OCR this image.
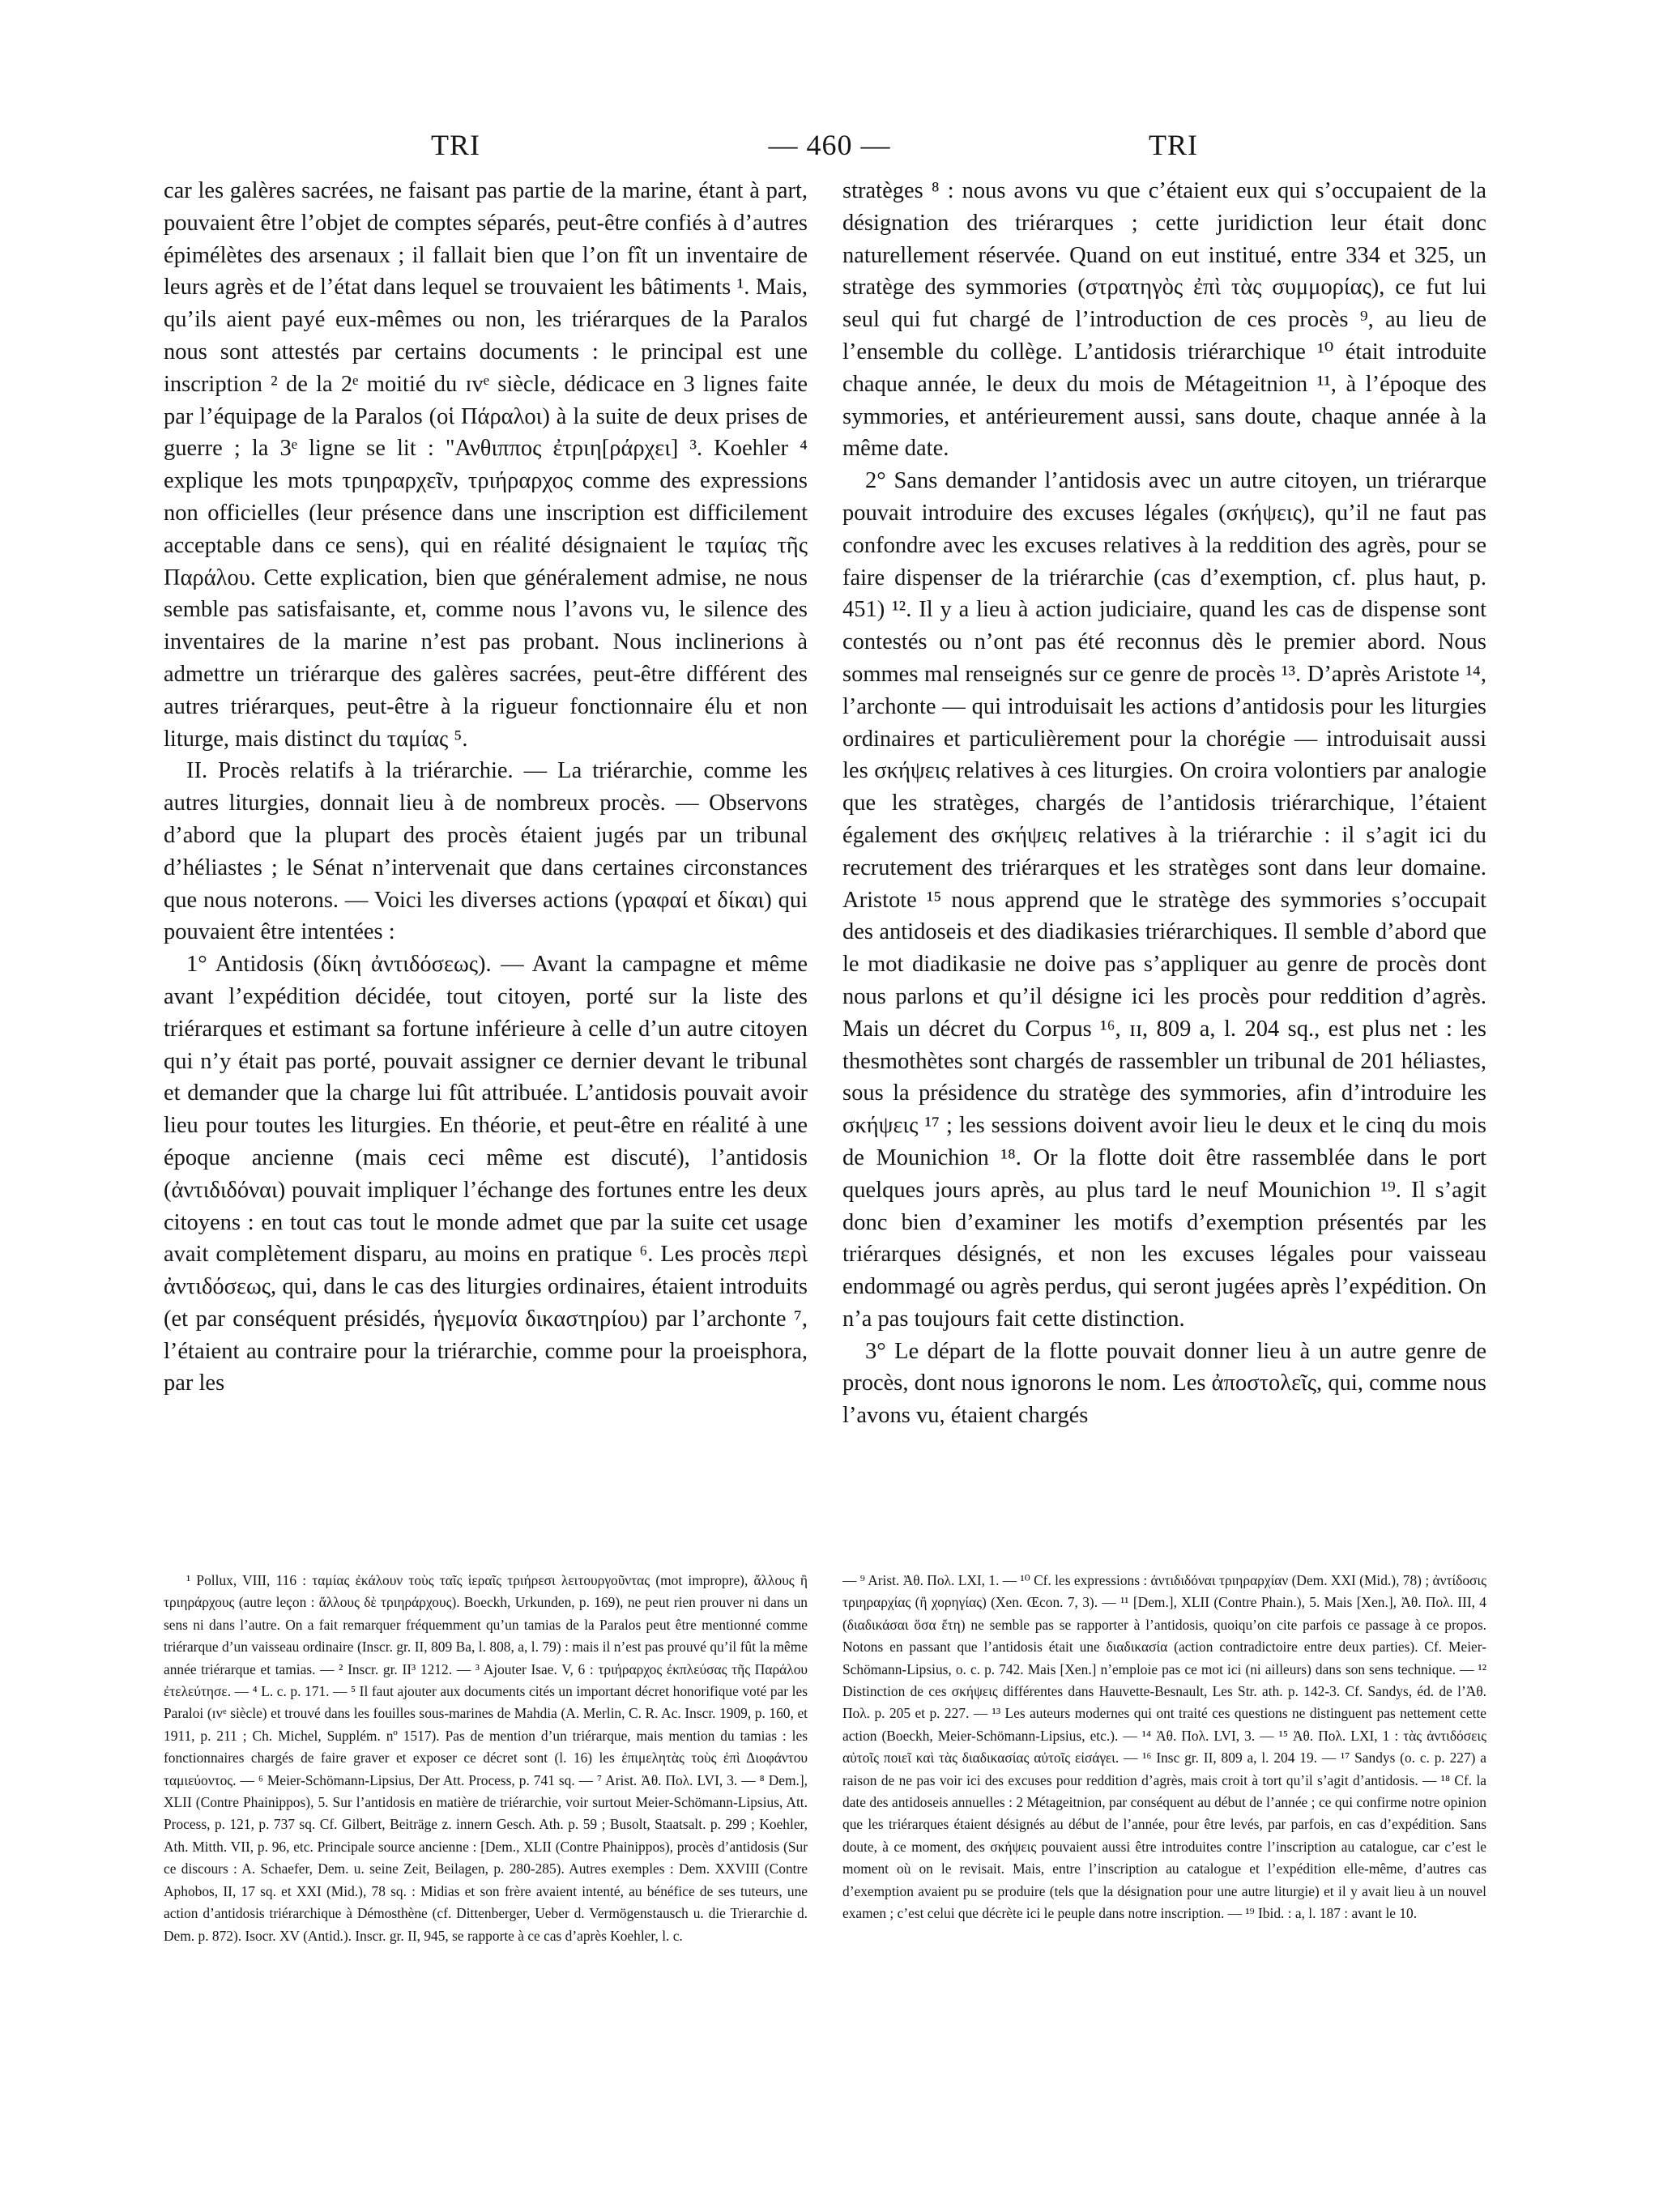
TRI	— 460 —	TRI

car les galères sacrées, ne faisant pas partie de la marine, étant à part, pouvaient être l’objet de comptes séparés, peut-être confiés à d’autres épimélètes des arsenaux ; il fallait bien que l’on fît un inventaire de leurs agrès et de l’état dans lequel se trouvaient les bâtiments ¹. Mais, qu’ils aient payé eux-mêmes ou non, les triérarques de la Paralos nous sont attestés par certains documents : le principal est une inscription ² de la 2ᵉ moitié du ɪᴠᵉ siècle, dédicace en 3 lignes faite par l’équipage de la Paralos (οἱ Πάραλοι) à la suite de deux prises de guerre ; la 3ᵉ ligne se lit : "Ανθιππος ἐτριη[ράρχει] ³. Koehler ⁴ explique les mots τριηραρχεῖν, τριήραρχος comme des expressions non officielles (leur présence dans une inscription est difficilement acceptable dans ce sens), qui en réalité désignaient le ταμίας τῆς Παράλου. Cette explication, bien que généralement admise, ne nous semble pas satisfaisante, et, comme nous l’avons vu, le silence des inventaires de la marine n’est pas probant. Nous inclinerions à admettre un triérarque des galères sacrées, peut-être différent des autres triérarques, peut-être à la rigueur fonctionnaire élu et non liturge, mais distinct du ταμίας ⁵.

II. Procès relatifs à la triérarchie. — La triérarchie, comme les autres liturgies, donnait lieu à de nombreux procès. — Observons d’abord que la plupart des procès étaient jugés par un tribunal d’héliastes ; le Sénat n’intervenait que dans certaines circonstances que nous noterons. — Voici les diverses actions (γραφαί et δίκαι) qui pouvaient être intentées :

1° Antidosis (δίκη ἀντιδόσεως). — Avant la campagne et même avant l’expédition décidée, tout citoyen, porté sur la liste des triérarques et estimant sa fortune inférieure à celle d’un autre citoyen qui n’y était pas porté, pouvait assigner ce dernier devant le tribunal et demander que la charge lui fût attribuée. L’antidosis pouvait avoir lieu pour toutes les liturgies. En théorie, et peut-être en réalité à une époque ancienne (mais ceci même est discuté), l’antidosis (ἀντιδιδόναι) pouvait impliquer l’échange des fortunes entre les deux citoyens : en tout cas tout le monde admet que par la suite cet usage avait complètement disparu, au moins en pratique ⁶. Les procès περὶ ἀντιδόσεως, qui, dans le cas des liturgies ordinaires, étaient introduits (et par conséquent présidés, ἡγεμονία δικαστηρίου) par l’archonte ⁷, l’étaient au contraire pour la triérarchie, comme pour la proeisphora, par les

stratèges ⁸ : nous avons vu que c’étaient eux qui s’occupaient de la désignation des triérarques ; cette juridiction leur était donc naturellement réservée. Quand on eut institué, entre 334 et 325, un stratège des symmories (στρατηγὸς ἐπὶ τὰς συμμορίας), ce fut lui seul qui fut chargé de l’introduction de ces procès ⁹, au lieu de l’ensemble du collège. L’antidosis triérarchique ¹⁰ était introduite chaque année, le deux du mois de Métageitnion ¹¹, à l’époque des symmories, et antérieurement aussi, sans doute, chaque année à la même date.

2° Sans demander l’antidosis avec un autre citoyen, un triérarque pouvait introduire des excuses légales (σκήψεις), qu’il ne faut pas confondre avec les excuses relatives à la reddition des agrès, pour se faire dispenser de la triérarchie (cas d’exemption, cf. plus haut, p. 451) ¹². Il y a lieu à action judiciaire, quand les cas de dispense sont contestés ou n’ont pas été reconnus dès le premier abord. Nous sommes mal renseignés sur ce genre de procès ¹³. D’après Aristote ¹⁴, l’archonte — qui introduisait les actions d’antidosis pour les liturgies ordinaires et particulièrement pour la chorégie — introduisait aussi les σκήψεις relatives à ces liturgies. On croira volontiers par analogie que les stratèges, chargés de l’antidosis triérarchique, l’étaient également des σκήψεις relatives à la triérarchie : il s’agit ici du recrutement des triérarques et les stratèges sont dans leur domaine. Aristote ¹⁵ nous apprend que le stratège des symmories s’occupait des antidoseis et des diadikasies triérarchiques. Il semble d’abord que le mot diadikasie ne doive pas s’appliquer au genre de procès dont nous parlons et qu’il désigne ici les procès pour reddition d’agrès. Mais un décret du Corpus ¹⁶, ɪɪ, 809 a, l. 204 sq., est plus net : les thesmothètes sont chargés de rassembler un tribunal de 201 héliastes, sous la présidence du stratège des symmories, afin d’introduire les σκήψεις ¹⁷ ; les sessions doivent avoir lieu le deux et le cinq du mois de Mounichion ¹⁸. Or la flotte doit être rassemblée dans le port quelques jours après, au plus tard le neuf Mounichion ¹⁹. Il s’agit donc bien d’examiner les motifs d’exemption présentés par les triérarques désignés, et non les excuses légales pour vaisseau endommagé ou agrès perdus, qui seront jugées après l’expédition. On n’a pas toujours fait cette distinction.

3° Le départ de la flotte pouvait donner lieu à un autre genre de procès, dont nous ignorons le nom. Les ἀποστολεῖς, qui, comme nous l’avons vu, étaient chargés

¹ Pollux, VIII, 116 : ταμίας ἐκάλουν τοὺς ταῖς ἱεραῖς τριήρεσι λειτουργοῦντας (mot impropre), ἄλλους ἢ τριηράρχους (autre leçon : ἄλλους δὲ τριηράρχους). Boeckh, Urkunden, p. 169), ne peut rien prouver ni dans un sens ni dans l’autre. On a fait remarquer fréquemment qu’un tamias de la Paralos peut être mentionné comme triérarque d’un vaisseau ordinaire (Inscr. gr. II, 809 Ba, l. 808, a, l. 79) : mais il n’est pas prouvé qu’il fût la même année triérarque et tamias. — ² Inscr. gr. II³ 1212. — ³ Ajouter Isae. V, 6 : τριήραρχος ἐκπλεύσας τῆς Παράλου ἐτελεύτησε. — ⁴ L. c. p. 171. — ⁵ Il faut ajouter aux documents cités un important décret honorifique voté par les Paraloi (ɪᴠᵉ siècle) et trouvé dans les fouilles sous-marines de Mahdia (A. Merlin, C. R. Ac. Inscr. 1909, p. 160, et 1911, p. 211 ; Ch. Michel, Supplém. nº 1517). Pas de mention d’un triérarque, mais mention du tamias : les fonctionnaires chargés de faire graver et exposer ce décret sont (l. 16) les ἐπιμελητὰς τοὺς ἐπὶ Διοφάντου ταμιεύοντος. — ⁶ Meier-Schömann-Lipsius, Der Att. Process, p. 741 sq. — ⁷ Arist. Ἀθ. Πολ. LVI, 3. — ⁸ Dem.], XLII (Contre Phainippos), 5. Sur l’antidosis en matière de triérarchie, voir surtout Meier-Schömann-Lipsius, Att. Process, p. 121, p. 737 sq. Cf. Gilbert, Beiträge z. innern Gesch. Ath. p. 59 ; Busolt, Staatsalt. p. 299 ; Koehler, Ath. Mitth. VII, p. 96, etc. Principale source ancienne : [Dem., XLII (Contre Phainippos), procès d’antidosis (Sur ce discours : A. Schaefer, Dem. u. seine Zeit, Beilagen, p. 280-285). Autres exemples : Dem. XXVIII (Contre Aphobos, II, 17 sq. et XXI (Mid.), 78 sq. : Midias et son frère avaient intenté, au bénéfice de ses tuteurs, une action d’antidosis triérarchique à Démosthène (cf. Dittenberger, Ueber d. Vermögenstausch u. die Trierarchie d. Dem. p. 872). Isocr. XV (Antid.). Inscr. gr. II, 945, se rapporte à ce cas d’après Koehler, l. c.

— ⁹ Arist. Ἀθ. Πολ. LXI, 1. — ¹⁰ Cf. les expressions : ἀντιδιδόναι τριηραρχίαν (Dem. XXI (Mid.), 78) ; ἀντίδοσις τριηραρχίας (ἢ χορηγίας) (Xen. Œcon. 7, 3). — ¹¹ [Dem.], XLII (Contre Phain.), 5. Mais [Xen.], Ἀθ. Πολ. III, 4 (διαδικάσαι ὅσα ἔτη) ne semble pas se rapporter à l’antidosis, quoiqu’on cite parfois ce passage à ce propos. Notons en passant que l’antidosis était une διαδικασία (action contradictoire entre deux parties). Cf. Meier-Schömann-Lipsius, o. c. p. 742. Mais [Xen.] n’emploie pas ce mot ici (ni ailleurs) dans son sens technique. — ¹² Distinction de ces σκήψεις différentes dans Hauvette-Besnault, Les Str. ath. p. 142-3. Cf. Sandys, éd. de l’Ἀθ. Πολ. p. 205 et p. 227. — ¹³ Les auteurs modernes qui ont traité ces questions ne distinguent pas nettement cette action (Boeckh, Meier-Schömann-Lipsius, etc.). — ¹⁴ Ἀθ. Πολ. LVI, 3. — ¹⁵ Ἀθ. Πολ. LXI, 1 : τὰς ἀντιδόσεις αὐτοῖς ποιεῖ καὶ τὰς διαδικασίας αὐτοῖς εἰσάγει. — ¹⁶ Insc gr. II, 809 a, l. 204 19. — ¹⁷ Sandys (o. c. p. 227) a raison de ne pas voir ici des excuses pour reddition d’agrès, mais croit à tort qu’il s’agit d’antidosis. — ¹⁸ Cf. la date des antidoseis annuelles : 2 Métageitnion, par conséquent au début de l’année ; ce qui confirme notre opinion que les triérarques étaient désignés au début de l’année, pour être levés, par parfois, en cas d’expédition. Sans doute, à ce moment, des σκήψεις pouvaient aussi être introduites contre l’inscription au catalogue, car c’est le moment où on le revisait. Mais, entre l’inscription au catalogue et l’expédition elle-même, d’autres cas d’exemption avaient pu se produire (tels que la désignation pour une autre liturgie) et il y avait lieu à un nouvel examen ; c’est celui que décrète ici le peuple dans notre inscription. — ¹⁹ Ibid. : a, l. 187 : avant le 10.
